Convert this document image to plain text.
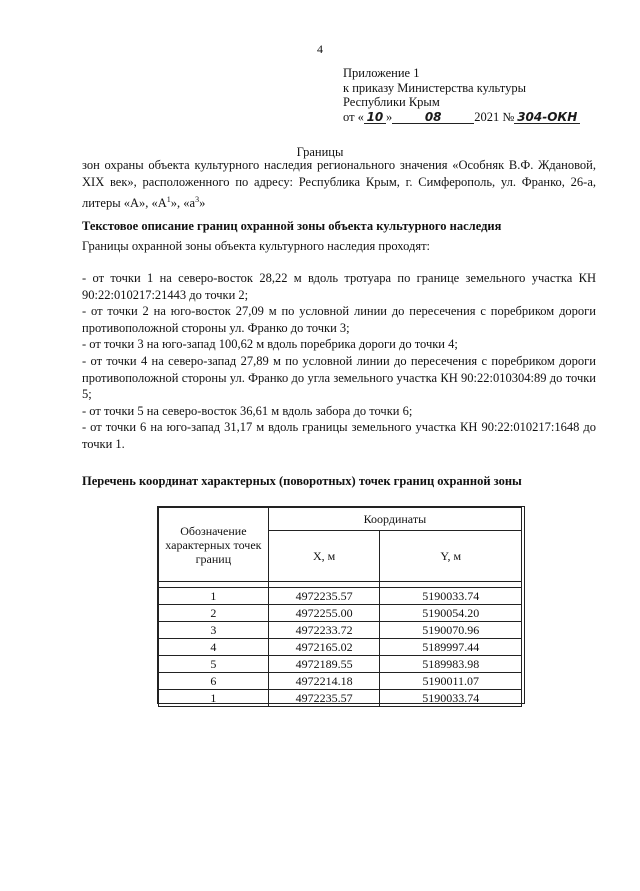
4
Приложение 1
к приказу Министерства культуры
Республики Крым
от « 10 »	08	2021 № 304-ОКН
Границы
зон охраны объекта культурного наследия регионального значения «Особняк В.Ф. Ждановой, XIX век», расположенного по адресу: Республика Крым, г. Симферополь, ул. Франко, 26-а, литеры «А», «$А^1$», «$а^3$»
Текстовое описание границ охранной зоны объекта культурного наследия
Границы охранной зоны объекта культурного наследия проходят:

- от точки 1 на северо-восток 28,22 м вдоль тротуара по границе земельного участка КН 90:22:010217:21443 до точки 2;

- от точки 2 на юго-восток 27,09 м по условной линии до пересечения с поребриком дороги противоположной стороны ул. Франко до точки 3;

- от точки 3 на юго-запад 100,62 м вдоль поребрика дороги до точки 4;

- от точки 4 на северо-запад 27,89 м по условной линии до пересечения с поребриком дороги противоположной стороны ул. Франко до угла земельного участка КН 90:22:010304:89 до точки 5;

- от точки 5 на северо-восток 36,61 м вдоль забора до точки 6;

- от точки 6 на юго-запад 31,17 м вдоль границы земельного участка КН 90:22:010217:1648 до точки 1.

Перечень координат характерных (поворотных) точек границ охранной зоны
Обозначение характерных точек границ	Координаты	
	X, м	Y, м

1	4972235.57	5190033.74
2	4972255.00	5190054.20
3	4972233.72	5190070.96
4	4972165.02	5189997.44
5	4972189.55	5189983.98
6	4972214.18	5190011.07
1	4972235.57	5190033.74
